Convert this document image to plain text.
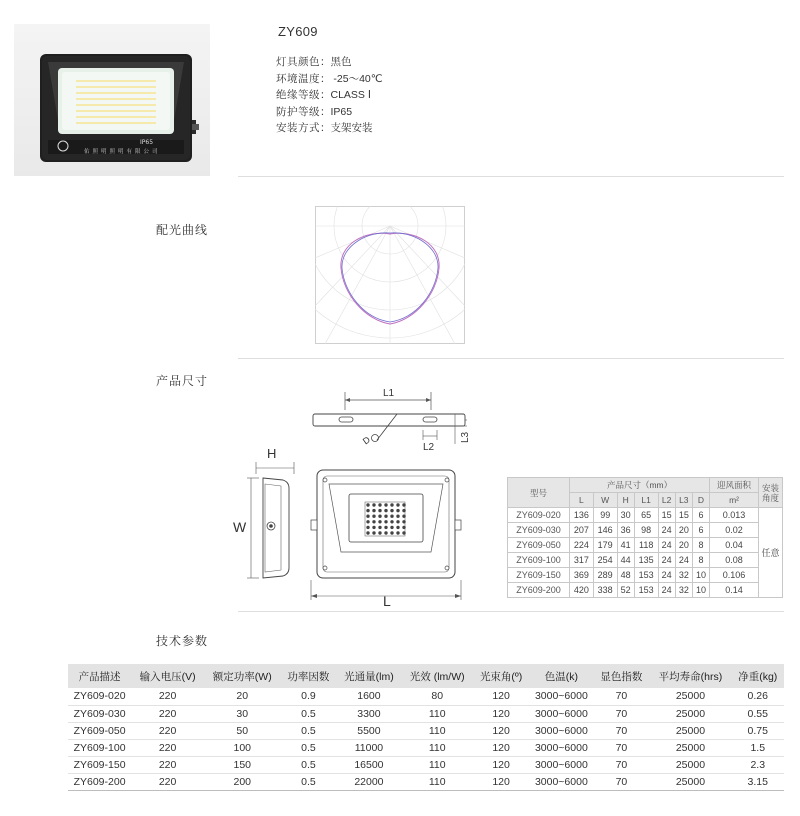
IP65
佑照明照明有限公司
ZY609
灯具颜色：黑色
环境温度： -25～40℃
绝缘等级：CLASS Ⅰ
防护等级：IP65
安装方式：支架安装
配光曲线
产品尺寸
L1
D
L2
L3
H
W
L
型号	产品尺寸（mm）							迎风面积	安装角度
	L	W	H	L1	L2	L3	D	m²	
ZY609-020	136	99	30	65	15	15	6	0.013	任意
ZY609-030	207	146	36	98	24	20	6	0.02	
ZY609-050	224	179	41	118	24	20	8	0.04	
ZY609-100	317	254	44	135	24	24	8	0.08	
ZY609-150	369	289	48	153	24	32	10	0.106	
ZY609-200	420	338	52	153	24	32	10	0.14	
技术参数
产品描述	输入电压(V)	额定功率(W)	功率因数	光通量(lm)	光效 (lm/W)	光束角(º)	色温(k)	显色指数	平均寿命(hrs)	净重(kg)
ZY609-020	220	20	0.9	1600	80	120	3000~6000	70	25000	0.26
ZY609-030	220	30	0.5	3300	110	120	3000~6000	70	25000	0.55
ZY609-050	220	50	0.5	5500	110	120	3000~6000	70	25000	0.75
ZY609-100	220	100	0.5	11000	110	120	3000~6000	70	25000	1.5
ZY609-150	220	150	0.5	16500	110	120	3000~6000	70	25000	2.3
ZY609-200	220	200	0.5	22000	110	120	3000~6000	70	25000	3.15
